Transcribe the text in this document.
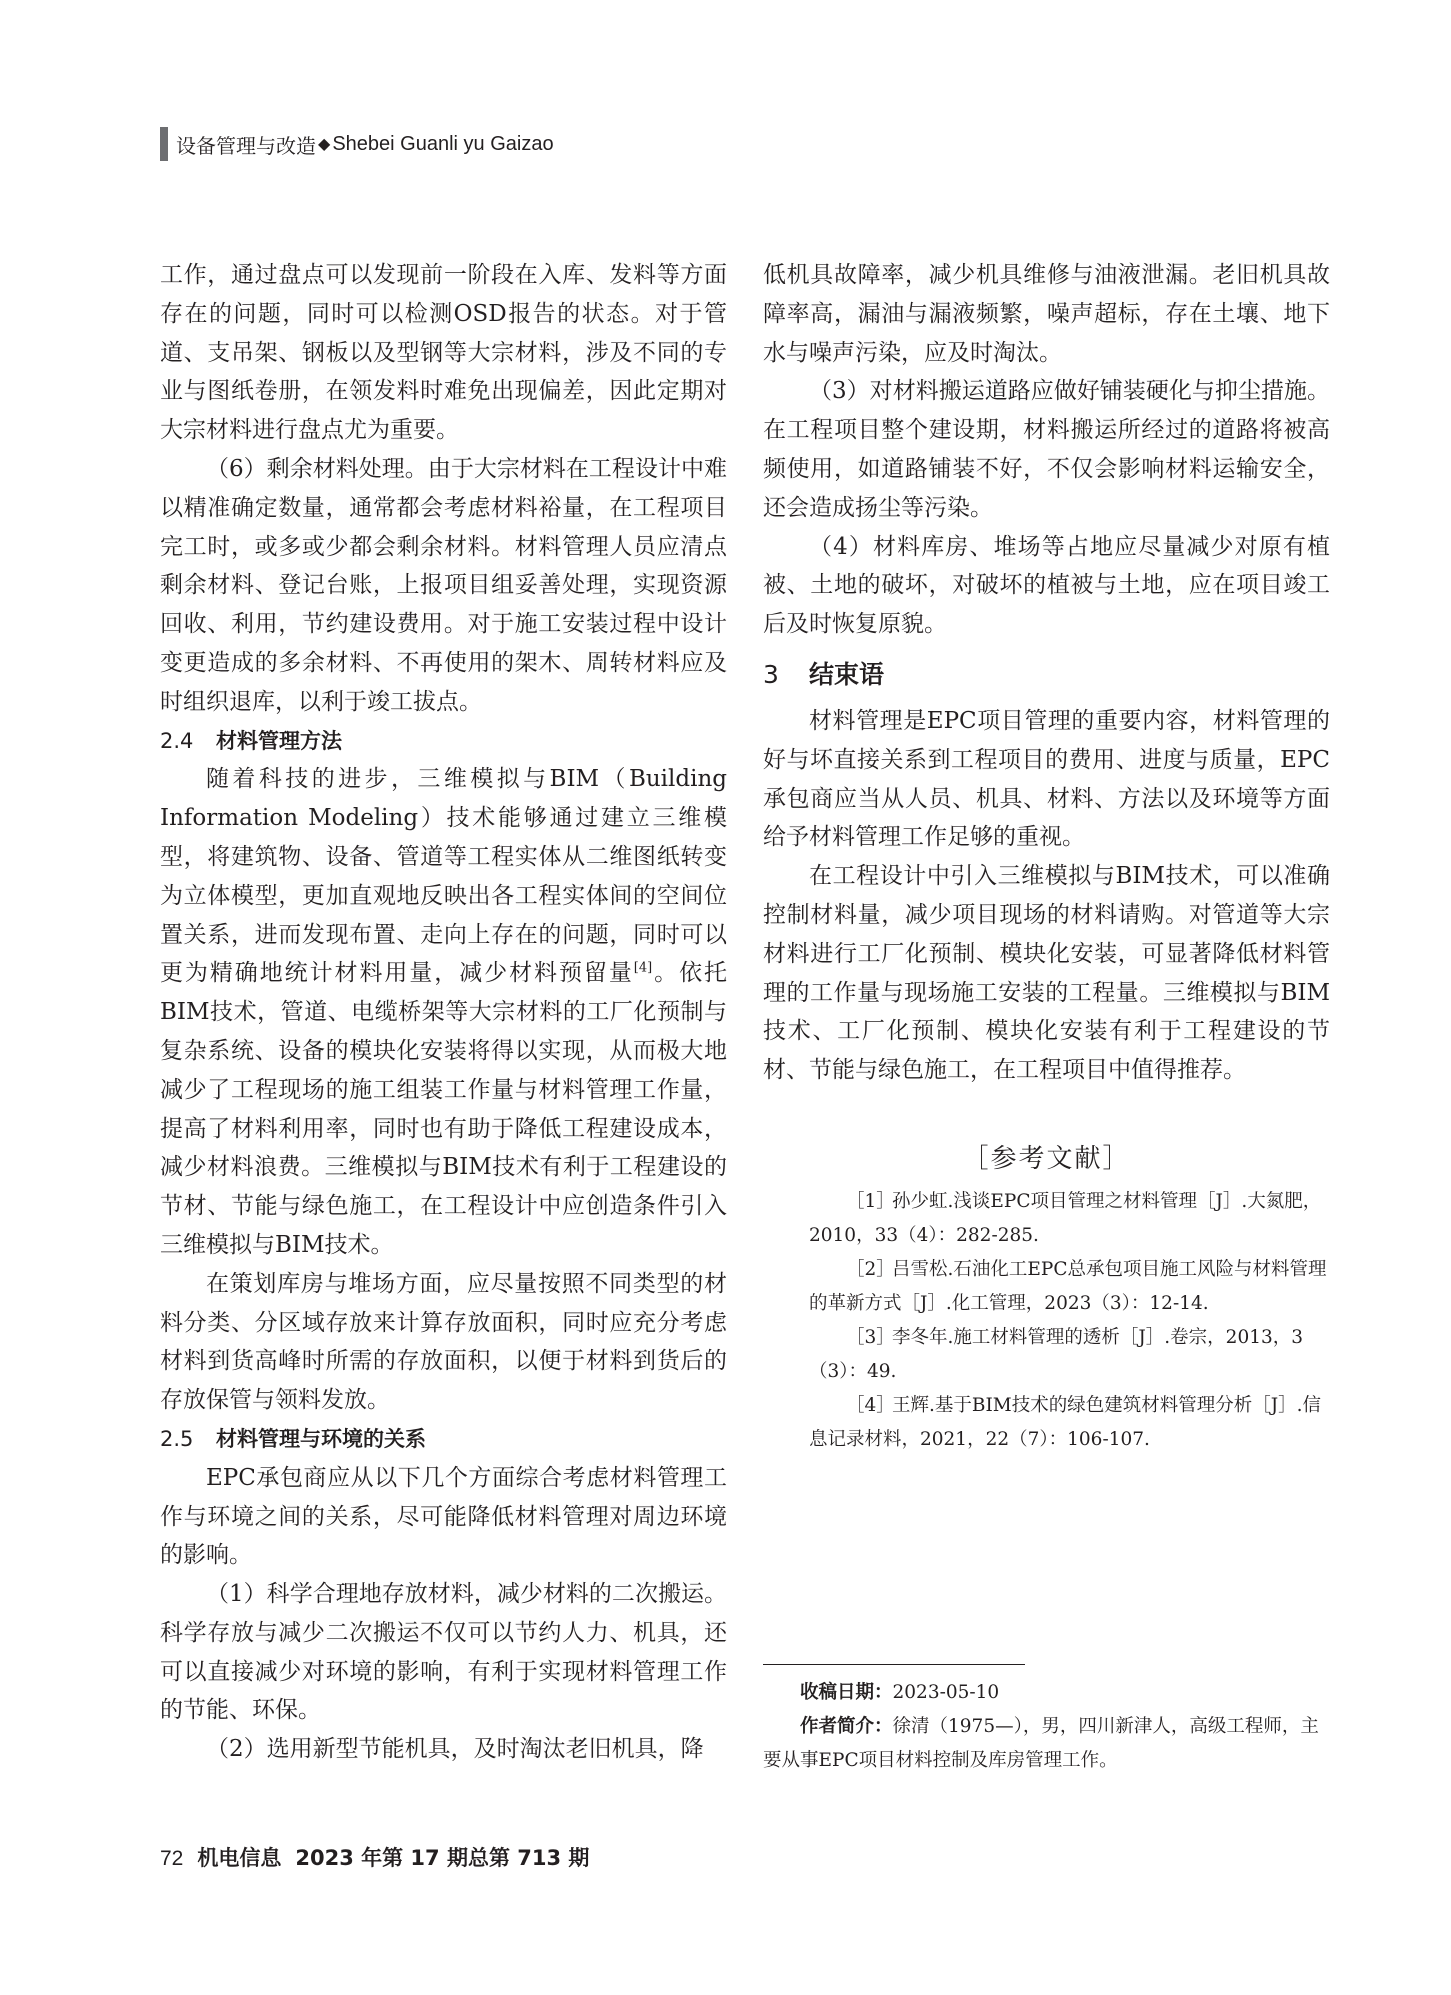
设备管理与改造 ◆ Shebei Guanli yu Gaizao

工作，通过盘点可以发现前一阶段在入库、发料等方面存在的问题，同时可以检测OSD报告的状态。对于管道、支吊架、钢板以及型钢等大宗材料，涉及不同的专业与图纸卷册，在领发料时难免出现偏差，因此定期对大宗材料进行盘点尤为重要。

（6）剩余材料处理。由于大宗材料在工程设计中难以精准确定数量，通常都会考虑材料裕量，在工程项目完工时，或多或少都会剩余材料。材料管理人员应清点剩余材料、登记台账，上报项目组妥善处理，实现资源回收、利用，节约建设费用。对于施工安装过程中设计变更造成的多余材料、不再使用的架木、周转材料应及时组织退库，以利于竣工拔点。

2.4 材料管理方法

随着科技的进步，三维模拟与BIM（Building Information Modeling）技术能够通过建立三维模型，将建筑物、设备、管道等工程实体从二维图纸转变为立体模型，更加直观地反映出各工程实体间的空间位置关系，进而发现布置、走向上存在的问题，同时可以更为精确地统计材料用量，减少材料预留量[4]。依托BIM技术，管道、电缆桥架等大宗材料的工厂化预制与复杂系统、设备的模块化安装将得以实现，从而极大地减少了工程现场的施工组装工作量与材料管理工作量，提高了材料利用率，同时也有助于降低工程建设成本，减少材料浪费。三维模拟与BIM技术有利于工程建设的节材、节能与绿色施工，在工程设计中应创造条件引入三维模拟与BIM技术。

在策划库房与堆场方面，应尽量按照不同类型的材料分类、分区域存放来计算存放面积，同时应充分考虑材料到货高峰时所需的存放面积，以便于材料到货后的存放保管与领料发放。

2.5 材料管理与环境的关系

EPC承包商应从以下几个方面综合考虑材料管理工作与环境之间的关系，尽可能降低材料管理对周边环境的影响。

（1）科学合理地存放材料，减少材料的二次搬运。科学存放与减少二次搬运不仅可以节约人力、机具，还可以直接减少对环境的影响，有利于实现材料管理工作的节能、环保。

（2）选用新型节能机具，及时淘汰老旧机具，降

低机具故障率，减少机具维修与油液泄漏。老旧机具故障率高，漏油与漏液频繁，噪声超标，存在土壤、地下水与噪声污染，应及时淘汰。

（3）对材料搬运道路应做好铺装硬化与抑尘措施。在工程项目整个建设期，材料搬运所经过的道路将被高频使用，如道路铺装不好，不仅会影响材料运输安全，还会造成扬尘等污染。

（4）材料库房、堆场等占地应尽量减少对原有植被、土地的破坏，对破坏的植被与土地，应在项目竣工后及时恢复原貌。

3 结束语

材料管理是EPC项目管理的重要内容，材料管理的好与坏直接关系到工程项目的费用、进度与质量，EPC承包商应当从人员、机具、材料、方法以及环境等方面给予材料管理工作足够的重视。

在工程设计中引入三维模拟与BIM技术，可以准确控制材料量，减少项目现场的材料请购。对管道等大宗材料进行工厂化预制、模块化安装，可显著降低材料管理的工作量与现场施工安装的工程量。三维模拟与BIM技术、工厂化预制、模块化安装有利于工程建设的节材、节能与绿色施工，在工程项目中值得推荐。

［参考文献］

［1］孙少虹.浅谈EPC项目管理之材料管理［J］.大氮肥，2010，33（4）：282-285.

［2］吕雪松.石油化工EPC总承包项目施工风险与材料管理的革新方式［J］.化工管理，2023（3）：12-14.

［3］李冬年.施工材料管理的透析［J］.卷宗，2013，3（3）：49.

［4］王辉.基于BIM技术的绿色建筑材料管理分析［J］.信息记录材料，2021，22（7）：106-107.

收稿日期：2023-05-10

作者简介：徐清（1975—），男，四川新津人，高级工程师，主要从事EPC项目材料控制及库房管理工作。

72 机电信息 2023 年第 17 期总第 713 期
